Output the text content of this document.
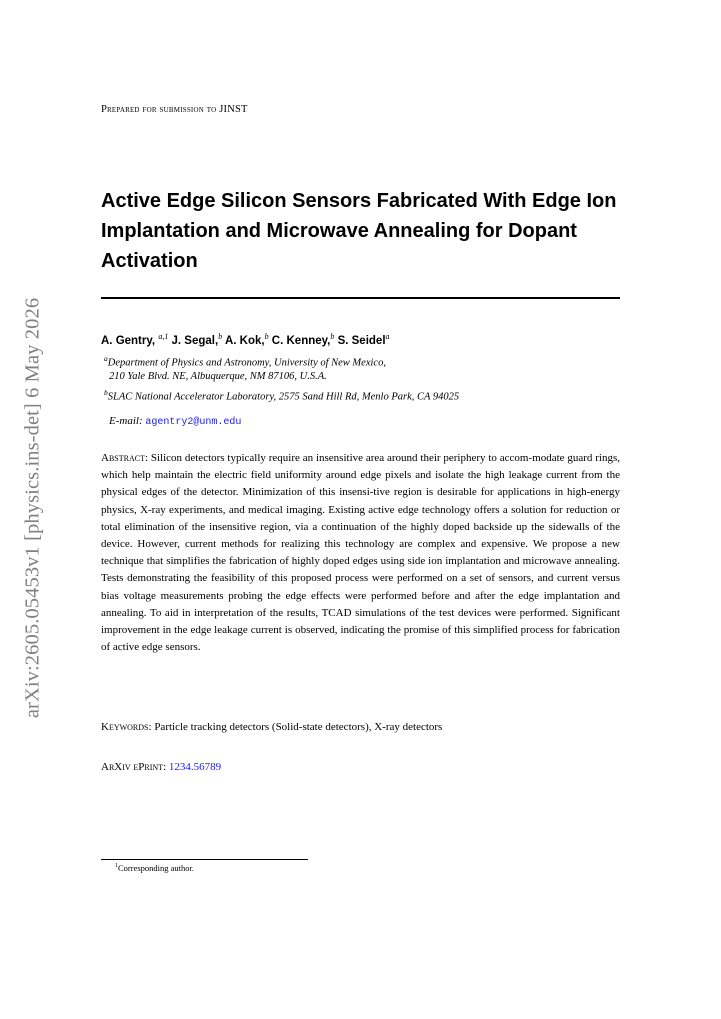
arXiv:2605.05453v1 [physics.ins-det] 6 May 2026
Prepared for submission to JINST
Active Edge Silicon Sensors Fabricated With Edge Ion
Implantation and Microwave Annealing for Dopant
Activation
A. Gentry, $^{a,1}$ J. Segal,$^b$ A. Kok,$^b$ C. Kenney,$^b$ S. Seidel$^a$
$^a$Department of Physics and Astronomy, University of New Mexico,
210 Yale Blvd. NE, Albuquerque, NM 87106, U.S.A.
$^b$SLAC National Accelerator Laboratory, 2575 Sand Hill Rd, Menlo Park, CA 94025
E-mail: agentry2@unm.edu
Abstract: Silicon detectors typically require an insensitive area around their periphery to accom-modate guard rings, which help maintain the electric field uniformity around edge pixels and isolate the high leakage current from the physical edges of the detector. Minimization of this insensi-tive region is desirable for applications in high-energy physics, X-ray experiments, and medical imaging. Existing active edge technology offers a solution for reduction or total elimination of the insensitive region, via a continuation of the highly doped backside up the sidewalls of the device. However, current methods for realizing this technology are complex and expensive. We propose a new technique that simplifies the fabrication of highly doped edges using side ion implantation and microwave annealing. Tests demonstrating the feasibility of this proposed process were performed on a set of sensors, and current versus bias voltage measurements probing the edge effects were performed before and after the edge implantation and annealing. To aid in interpretation of the results, TCAD simulations of the test devices were performed. Significant improvement in the edge leakage current is observed, indicating the promise of this simplified process for fabrication of active edge sensors.
Keywords: Particle tracking detectors (Solid-state detectors), X-ray detectors
ArXiv ePrint: 1234.56789
$^1$Corresponding author.
